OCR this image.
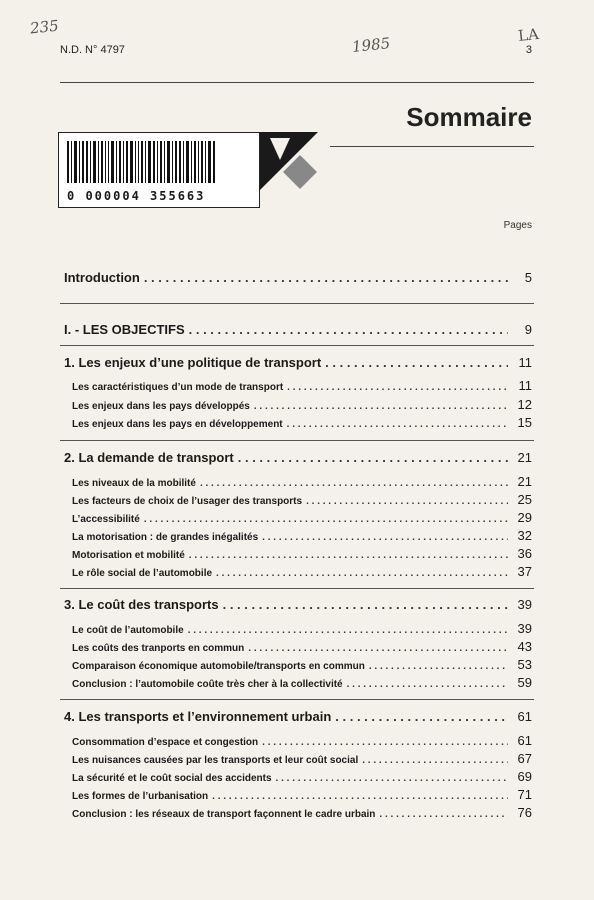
235
1985	LA
N.D. N° 4797	3
Sommaire
0 000004 355663
Pages
Introduction . . .	5
I. - LES OBJECTIFS . . .	9
1. Les enjeux d’une politique de transport . . .	11
Les caractéristiques d’un mode de transport . . .	11
Les enjeux dans les pays développés . . .	12
Les enjeux dans les pays en développement . . .	15
2. La demande de transport . . .	21
Les niveaux de la mobilité . . .	21
Les facteurs de choix de l’usager des transports . . .	25
L’accessibilité . . .	29
La motorisation : de grandes inégalités . . .	32
Motorisation et mobilité . . .	36
Le rôle social de l’automobile . . .	37
3. Le coût des transports . . .	39
Le coût de l’automobile . . .	39
Les coûts des tranports en commun . . .	43
Comparaison économique automobile/transports en commun . . .	53
Conclusion : l’automobile coûte très cher à la collectivité . . .	59
4. Les transports et l’environnement urbain . . .	61
Consommation d’espace et congestion . . .	61
Les nuisances causées par les transports et leur coût social . . .	67
La sécurité et le coût social des accidents . . .	69
Les formes de l’urbanisation . . .	71
Conclusion : les réseaux de transport façonnent le cadre urbain . . .	76
